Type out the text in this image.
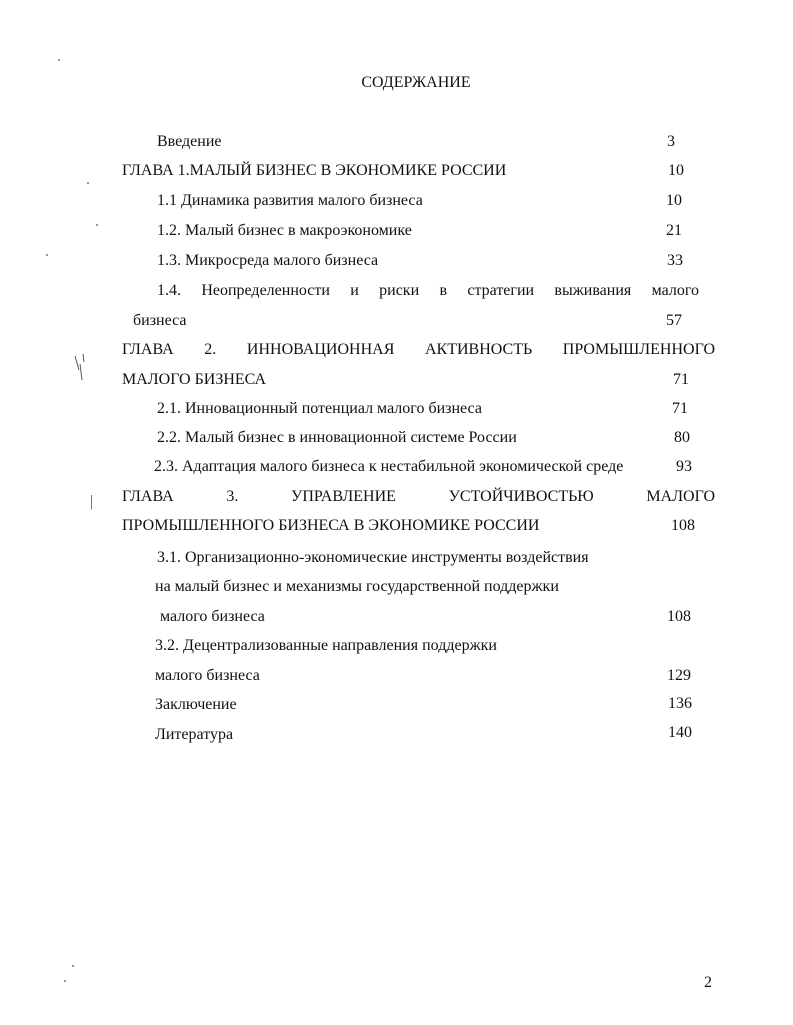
СОДЕРЖАНИЕ
Введение	3
ГЛАВА 1.МАЛЫЙ БИЗНЕС В ЭКОНОМИКЕ РОССИИ	10
1.1 Динамика развития малого бизнеса	10
1.2. Малый бизнес в макроэкономике	21
1.3. Микросреда малого бизнеса	33
1.4. Неопределенности и риски в стратегии выживания малого
бизнеса	57
ГЛАВА 2. ИННОВАЦИОННАЯ АКТИВНОСТЬ ПРОМЫШЛЕННОГО
МАЛОГО БИЗНЕСА	71
2.1. Инновационный потенциал малого бизнеса	71
2.2. Малый бизнес в инновационной системе России	80
2.3. Адаптация малого бизнеса к нестабильной экономической среде	93
ГЛАВА 3. УПРАВЛЕНИЕ УСТОЙЧИВОСТЬЮ МАЛОГО
ПРОМЫШЛЕННОГО БИЗНЕСА В ЭКОНОМИКЕ РОССИИ	108
3.1. Организационно-экономические инструменты воздействия
на малый бизнес и механизмы государственной поддержки
малого бизнеса	108
3.2. Децентрализованные направления поддержки
малого бизнеса	129
Заключение	136
Литература	140
2
|
